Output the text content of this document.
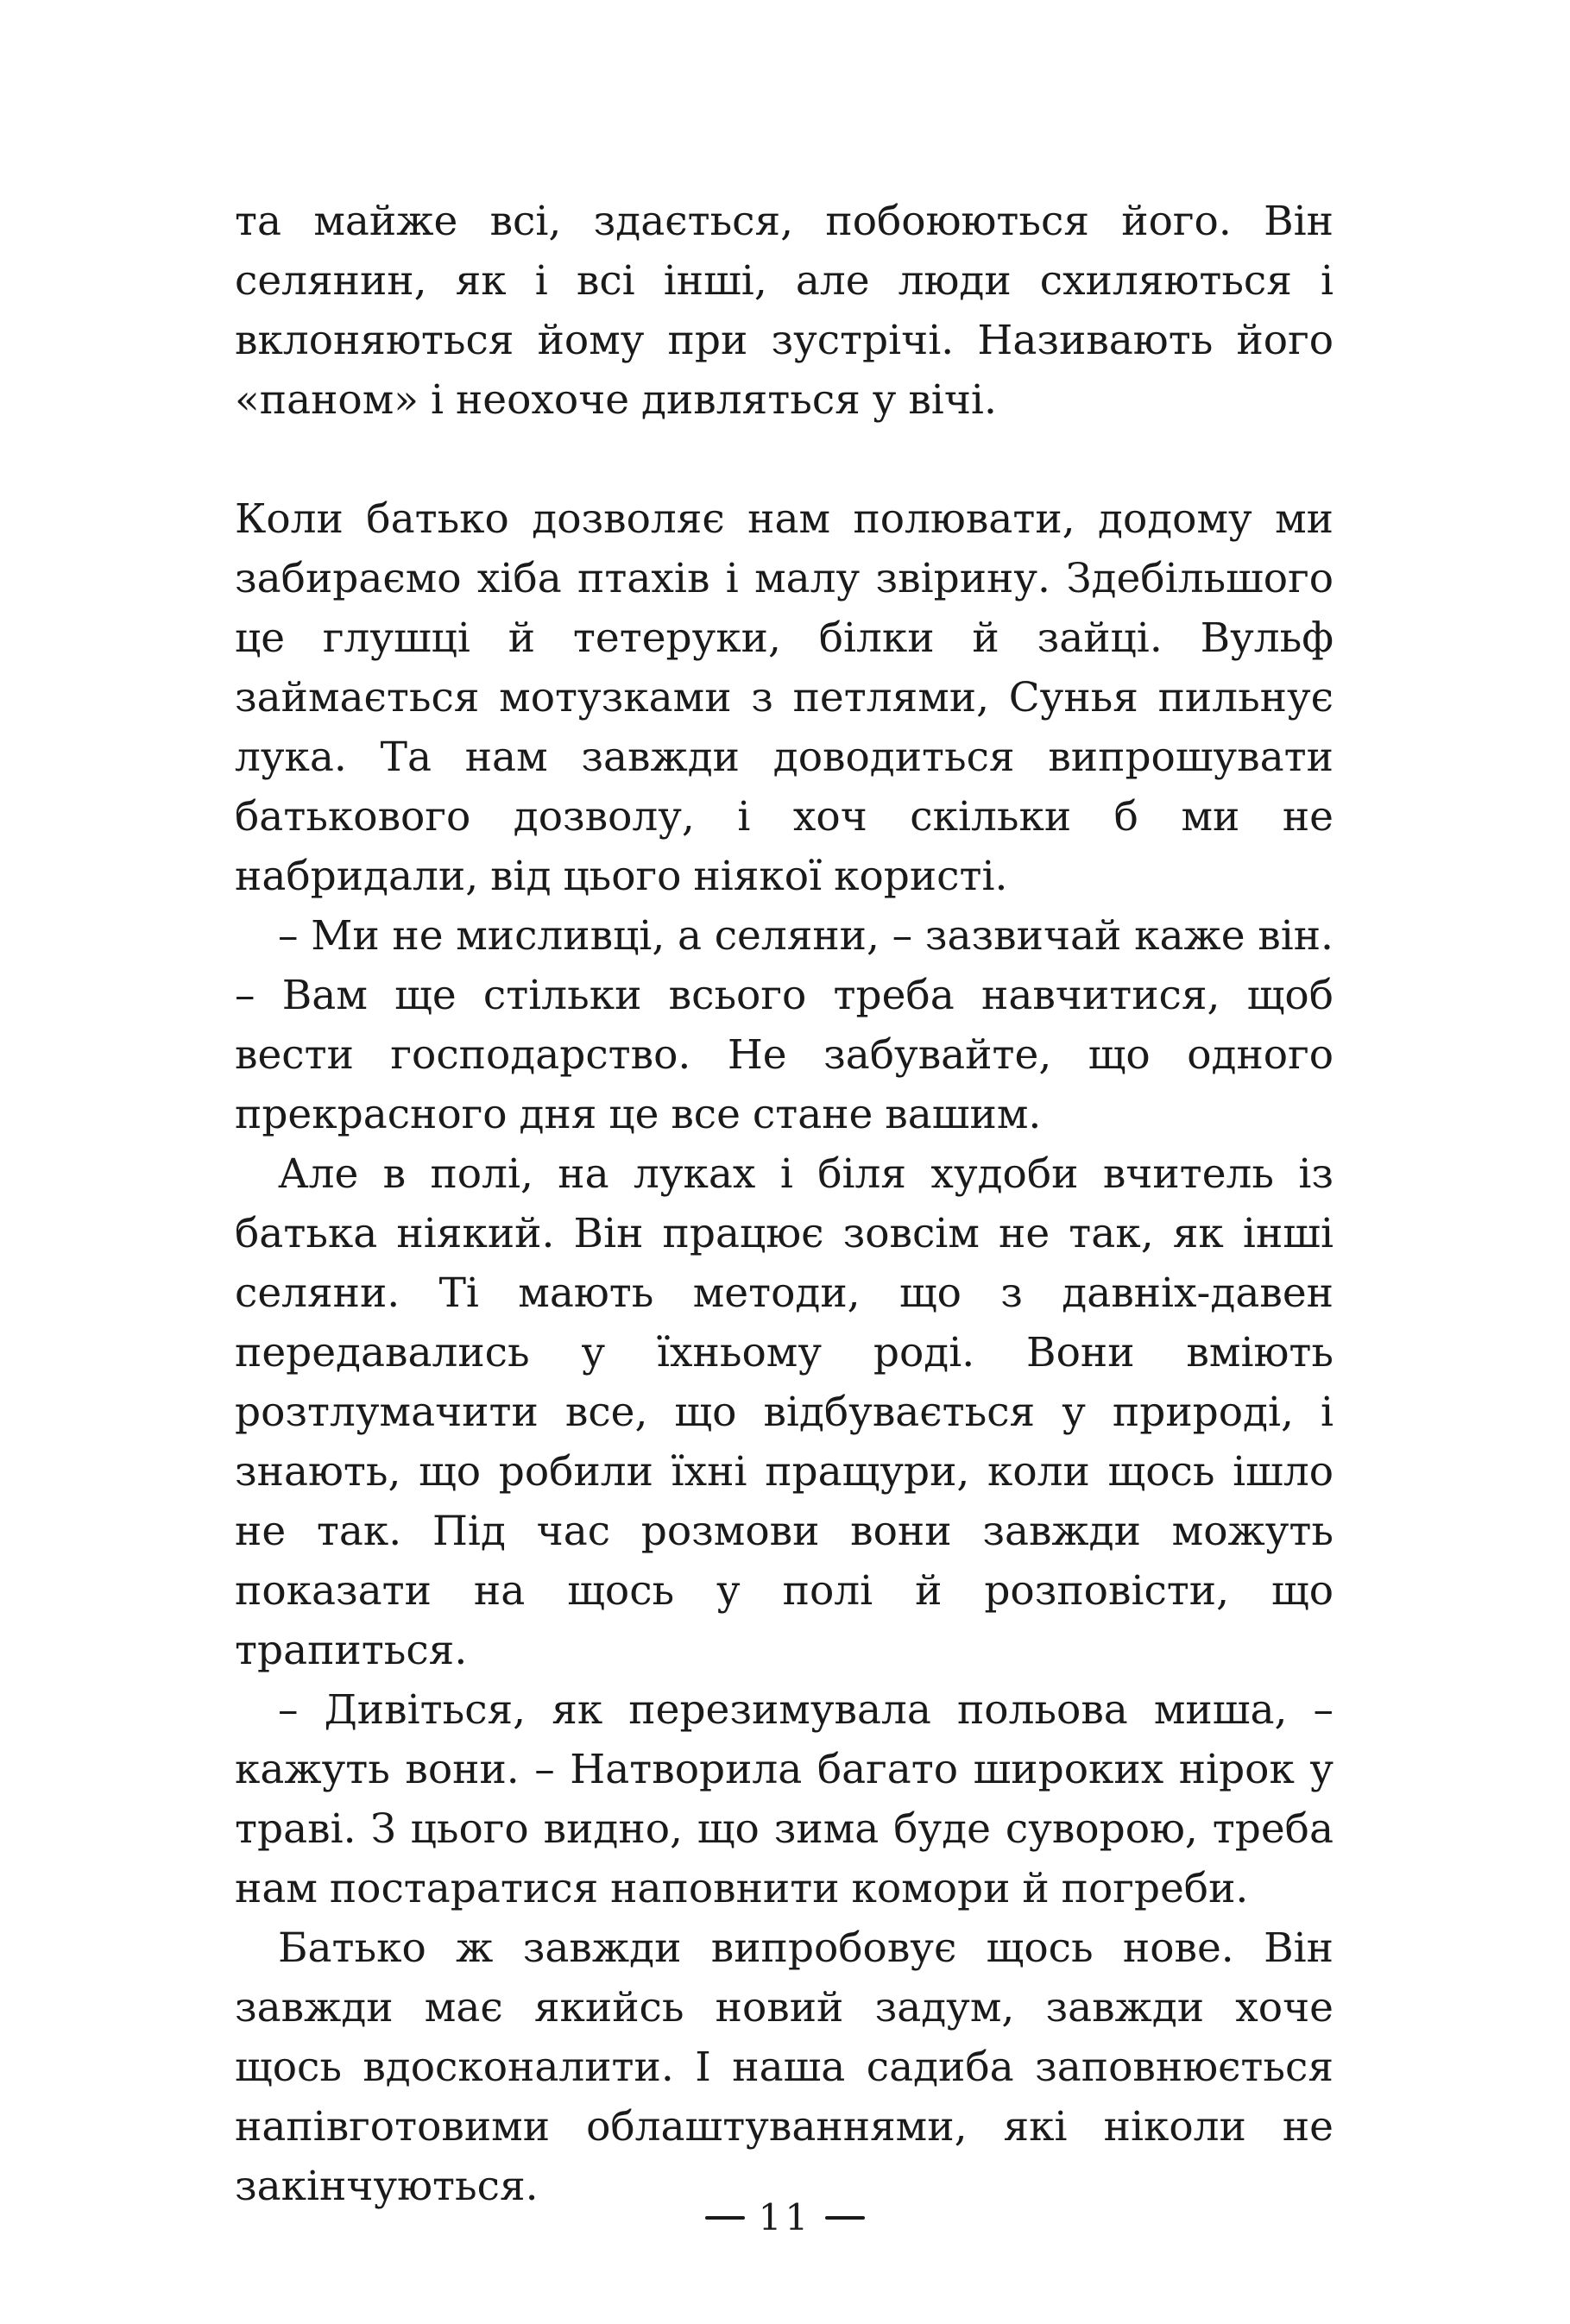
та майже всі, здається, побоюються його. Він селянин, як і всі інші, але люди схиляються і вклоняються йому при зустрічі. Називають його «паном» і неохоче дивляться у вічі.

Коли батько дозволяє нам полювати, додому ми забираємо хіба птахів і малу звірину. Здебільшого це глушці й тетеруки, білки й зайці. Вульф займається мотузками з петлями, Сунья пильнує лука. Та нам завжди доводиться випрошувати батькового дозволу, і хоч скільки б ми не набридали, від цього ніякої користі.

– Ми не мисливці, а селяни, – зазвичай каже він. – Вам ще стільки всього треба навчитися, щоб вести господарство. Не забувайте, що одного прекрасного дня це все стане вашим.

Але в полі, на луках і біля худоби вчитель із батька ніякий. Він працює зовсім не так, як інші селяни. Ті мають методи, що з давніх-давен передавались у їхньому роді. Вони вміють розтлумачити все, що відбувається у природі, і знають, що робили їхні пращури, коли щось ішло не так. Під час розмови вони завжди можуть показати на щось у полі й розповісти, що трапиться.

– Дивіться, як перезимувала польова миша, – кажуть вони. – Натворила багато широких нірок у траві. З цього видно, що зима буде суворою, треба нам постаратися наповнити комори й погреби.

Батько ж завжди випробовує щось нове. Він завжди має якийсь новий задум, завжди хоче щось вдосконалити. І наша садиба заповнюється напівготовими облаштуваннями, які ніколи не закінчуються.

11
